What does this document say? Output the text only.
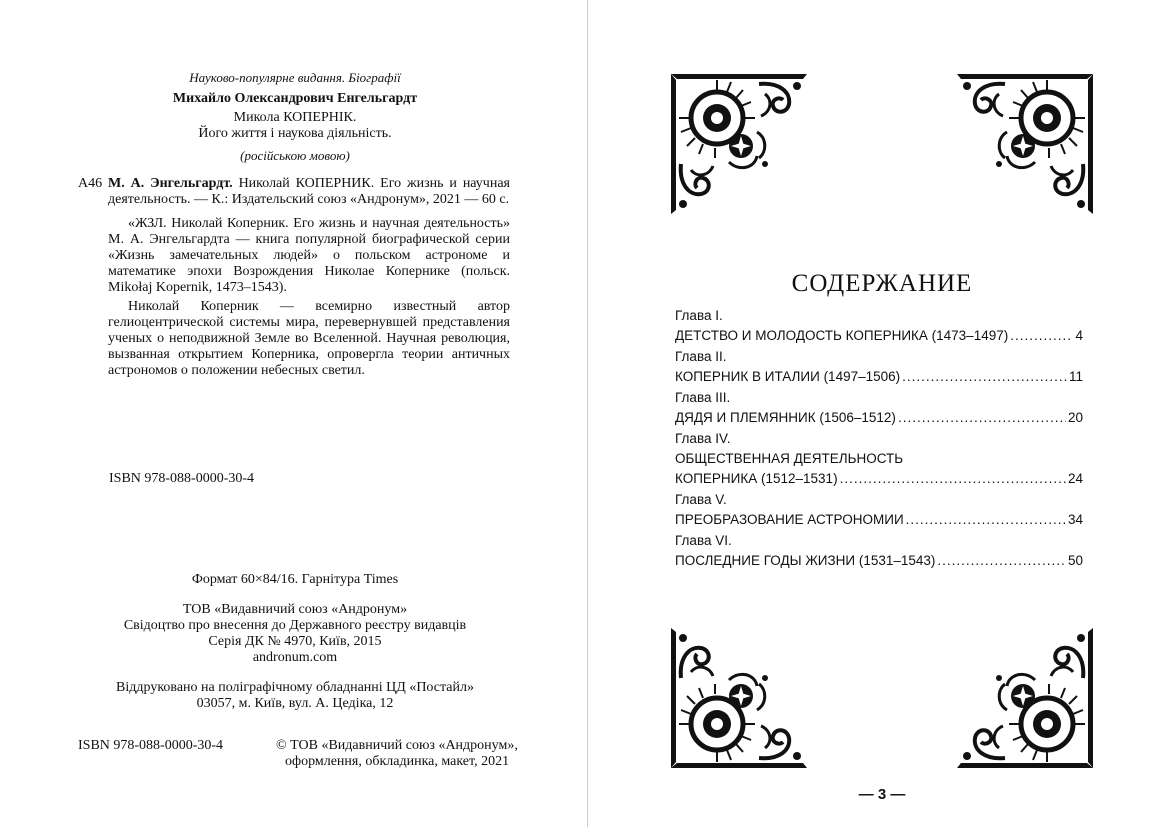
Науково-популярне видання. Біографії
Михайло Олександрович Енгельгардт
Микола КОПЕРНІК.
Його життя і наукова діяльність.
(російською мовою)
А46 М. А. Энгельгардт. Николай КОПЕРНИК. Его жизнь и научная деятельность. — К.: Издательский союз «Андронум», 2021 — 60 с.

«ЖЗЛ. Николай Коперник. Его жизнь и научная деятельность» М. А. Энгельгардта — книга популярной биографической серии «Жизнь замечательных людей» о польском астрономе и математике эпохи Возрождения Николае Копернике (польск. Mikołaj Kopernik, 1473–1543).

Николай Коперник — всемирно известный автор гелиоцентрической системы мира, перевернувшей представления ученых о неподвижной Земле во Вселенной. Научная революция, вызванная открытием Коперника, опровергла теории античных астрономов о положении небесных светил.

ISBN 978-088-0000-30-4
Формат 60×84/16. Гарнітура Times
ТОВ «Видавничий союз «Андронум»
Свідоцтво про внесення до Державного реєстру видавців
Серія ДК № 4970, Київ, 2015
andronum.com
Віддруковано на поліграфічному обладнанні ЦД «Постайл»
03057, м. Київ, вул. А. Цедіка, 12
ISBN 978-088-0000-30-4	© ТОВ «Видавничий союз «Андронум»,
оформлення, обкладинка, макет, 2021
СОДЕРЖАНИЕ
Глава I.
ДЕТСТВО И МОЛОДОСТЬ КОПЕРНИКА (1473–1497) .....	4
Глава II.
КОПЕРНИК В ИТАЛИИ (1497–1506) .....	11
Глава III.
ДЯДЯ И ПЛЕМЯННИК (1506–1512) .....	20
Глава IV.
ОБЩЕСТВЕННАЯ ДЕЯТЕЛЬНОСТЬ
КОПЕРНИКА (1512–1531) .....	24
Глава V.
ПРЕОБРАЗОВАНИЕ АСТРОНОМИИ .....	34
Глава VI.
ПОСЛЕДНИЕ ГОДЫ ЖИЗНИ (1531–1543) .....	50
— 3 —
